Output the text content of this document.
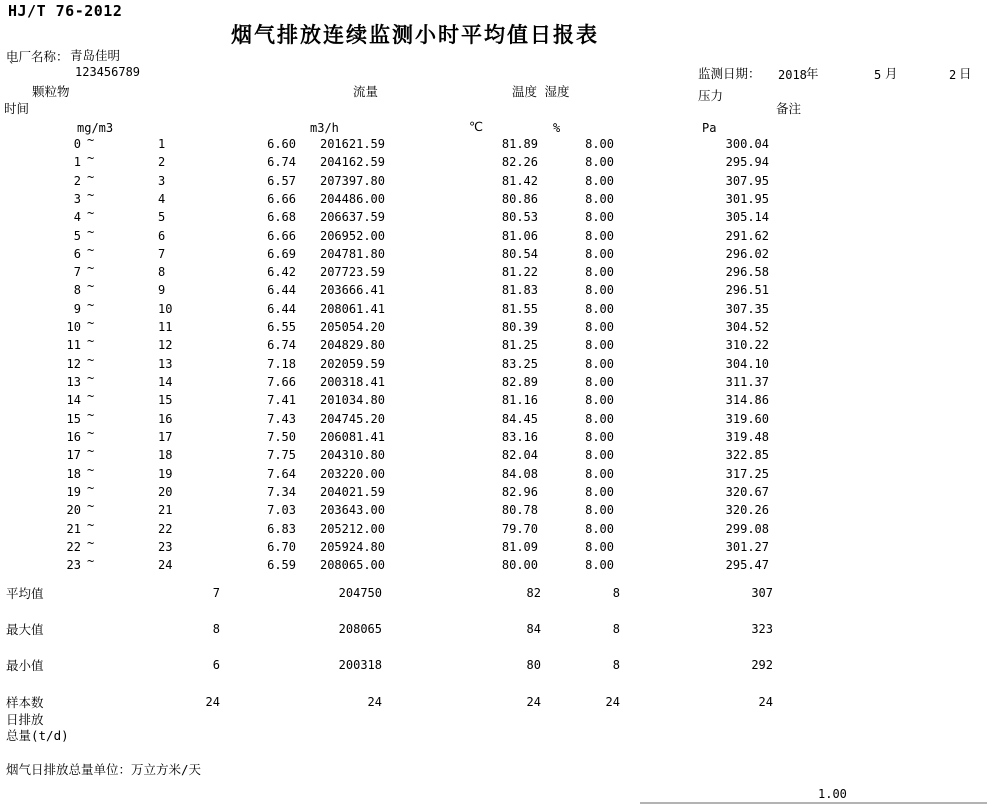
HJ/T 76-2012
烟气排放连续监测小时平均值日报表
电厂名称： 青岛佳明
`	123456789	监测日期： 2018 年	5 月	2 日
颗粒物	流量	温度 湿度	压力
时间	备注
mg/m3	m3/h	℃	%	Pa
0 ~	1	6.60	201621.59	81.89	8.00	300.04
1 ~	2	6.74	204162.59	82.26	8.00	295.94
2 ~	3	6.57	207397.80	81.42	8.00	307.95
3 ~	4	6.66	204486.00	80.86	8.00	301.95
4 ~	5	6.68	206637.59	80.53	8.00	305.14
5 ~	6	6.66	206952.00	81.06	8.00	291.62
6 ~	7	6.69	204781.80	80.54	8.00	296.02
7 ~	8	6.42	207723.59	81.22	8.00	296.58
8 ~	9	6.44	203666.41	81.83	8.00	296.51
9 ~	10	6.44	208061.41	81.55	8.00	307.35
10 ~	11	6.55	205054.20	80.39	8.00	304.52
11 ~	12	6.74	204829.80	81.25	8.00	310.22
12 ~	13	7.18	202059.59	83.25	8.00	304.10
13 ~	14	7.66	200318.41	82.89	8.00	311.37
14 ~	15	7.41	201034.80	81.16	8.00	314.86
15 ~	16	7.43	204745.20	84.45	8.00	319.60
16 ~	17	7.50	206081.41	83.16	8.00	319.48
17 ~	18	7.75	204310.80	82.04	8.00	322.85
18 ~	19	7.64	203220.00	84.08	8.00	317.25
19 ~	20	7.34	204021.59	82.96	8.00	320.67
20 ~	21	7.03	203643.00	80.78	8.00	320.26
21 ~	22	6.83	205212.00	79.70	8.00	299.08
22 ~	23	6.70	205924.80	81.09	8.00	301.27
23 ~	24	6.59	208065.00	80.00	8.00	295.47
平均值	7	204750	82	8	307
最大值	8	208065	84	8	323
最小值	6	200318	80	8	292
样本数	24	24	24	24	24
日排放
总量(t/d)
烟气日排放总量单位：万立方米/天
1.00
